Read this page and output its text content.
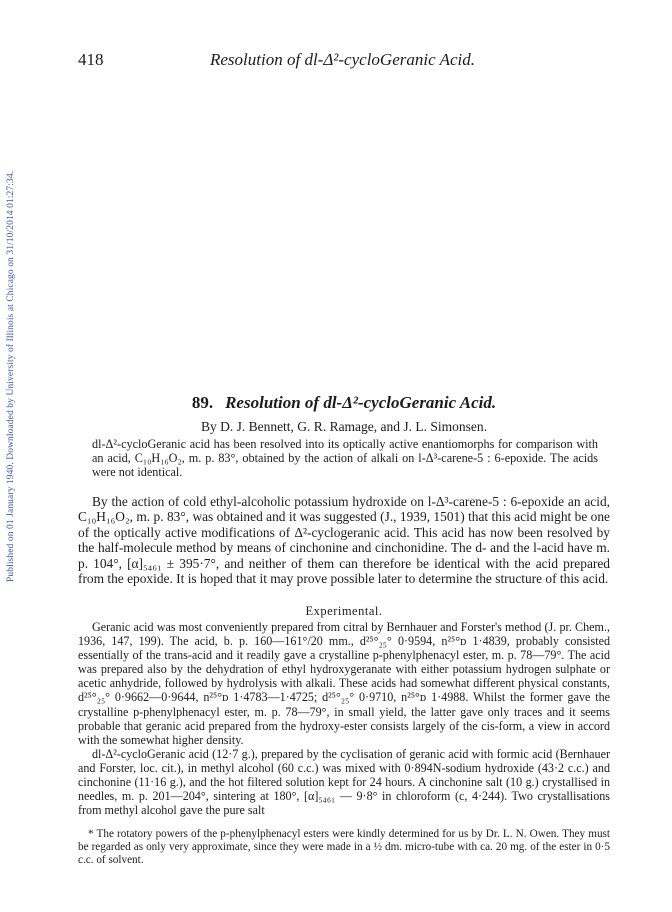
Published on 01 January 1940. Downloaded by University of Illinois at Chicago on 31/10/2014 01:27:34.
418	Resolution of dl-Δ²-cycloGeranic Acid.
89. Resolution of dl-Δ²-cycloGeranic Acid.
By D. J. Bennett, G. R. Ramage, and J. L. Simonsen.
dl-Δ²-cycloGeranic acid has been resolved into its optically active enantiomorphs for comparison with an acid, C₁₀H₁₆O₂, m. p. 83°, obtained by the action of alkali on l-Δ³-carene-5 : 6-epoxide. The acids were not identical.

By the action of cold ethyl-alcoholic potassium hydroxide on l-Δ³-carene-5 : 6-epoxide an acid, C₁₀H₁₆O₂, m. p. 83°, was obtained and it was suggested (J., 1939, 1501) that this acid might be one of the optically active modifications of Δ²-cyclogeranic acid. This acid has now been resolved by the half-molecule method by means of cinchonine and cinchonidine. The d- and the l-acid have m. p. 104°, [α]₅₄₆₁ ± 395·7°, and neither of them can therefore be identical with the acid prepared from the epoxide. It is hoped that it may prove possible later to determine the structure of this acid.

Experimental.

Geranic acid was most conveniently prepared from citral by Bernhauer and Forster's method (J. pr. Chem., 1936, 147, 199). The acid, b. p. 160—161°/20 mm., d²⁵°₂₅° 0·9594, n²⁵°ᴅ 1·4839, probably consisted essentially of the trans-acid and it readily gave a crystalline p-phenylphenacyl ester, m. p. 78—79°. The acid was prepared also by the dehydration of ethyl hydroxygeranate with either potassium hydrogen sulphate or acetic anhydride, followed by hydrolysis with alkali. These acids had somewhat different physical constants, d²⁵°₂₅° 0·9662—0·9644, n²⁵°ᴅ 1·4783—1·4725; d²⁵°₂₅° 0·9710, n²⁵°ᴅ 1·4988. Whilst the former gave the crystalline p-phenylphenacyl ester, m. p. 78—79°, in small yield, the latter gave only traces and it seems probable that geranic acid prepared from the hydroxy-ester consists largely of the cis-form, a view in accord with the somewhat higher density.

dl-Δ²-cycloGeranic acid (12·7 g.), prepared by the cyclisation of geranic acid with formic acid (Bernhauer and Forster, loc. cit.), in methyl alcohol (60 c.c.) was mixed with 0·894N-sodium hydroxide (43·2 c.c.) and cinchonine (11·16 g.), and the hot filtered solution kept for 24 hours. A cinchonine salt (10 g.) crystallised in needles, m. p. 201—204°, sintering at 180°, [α]₅₄₆₁ — 9·8° in chloroform (c, 4·244). Two crystallisations from methyl alcohol gave the pure salt

* The rotatory powers of the p-phenylphenacyl esters were kindly determined for us by Dr. L. N. Owen. They must be regarded as only very approximate, since they were made in a ½ dm. micro-tube with ca. 20 mg. of the ester in 0·5 c.c. of solvent.
